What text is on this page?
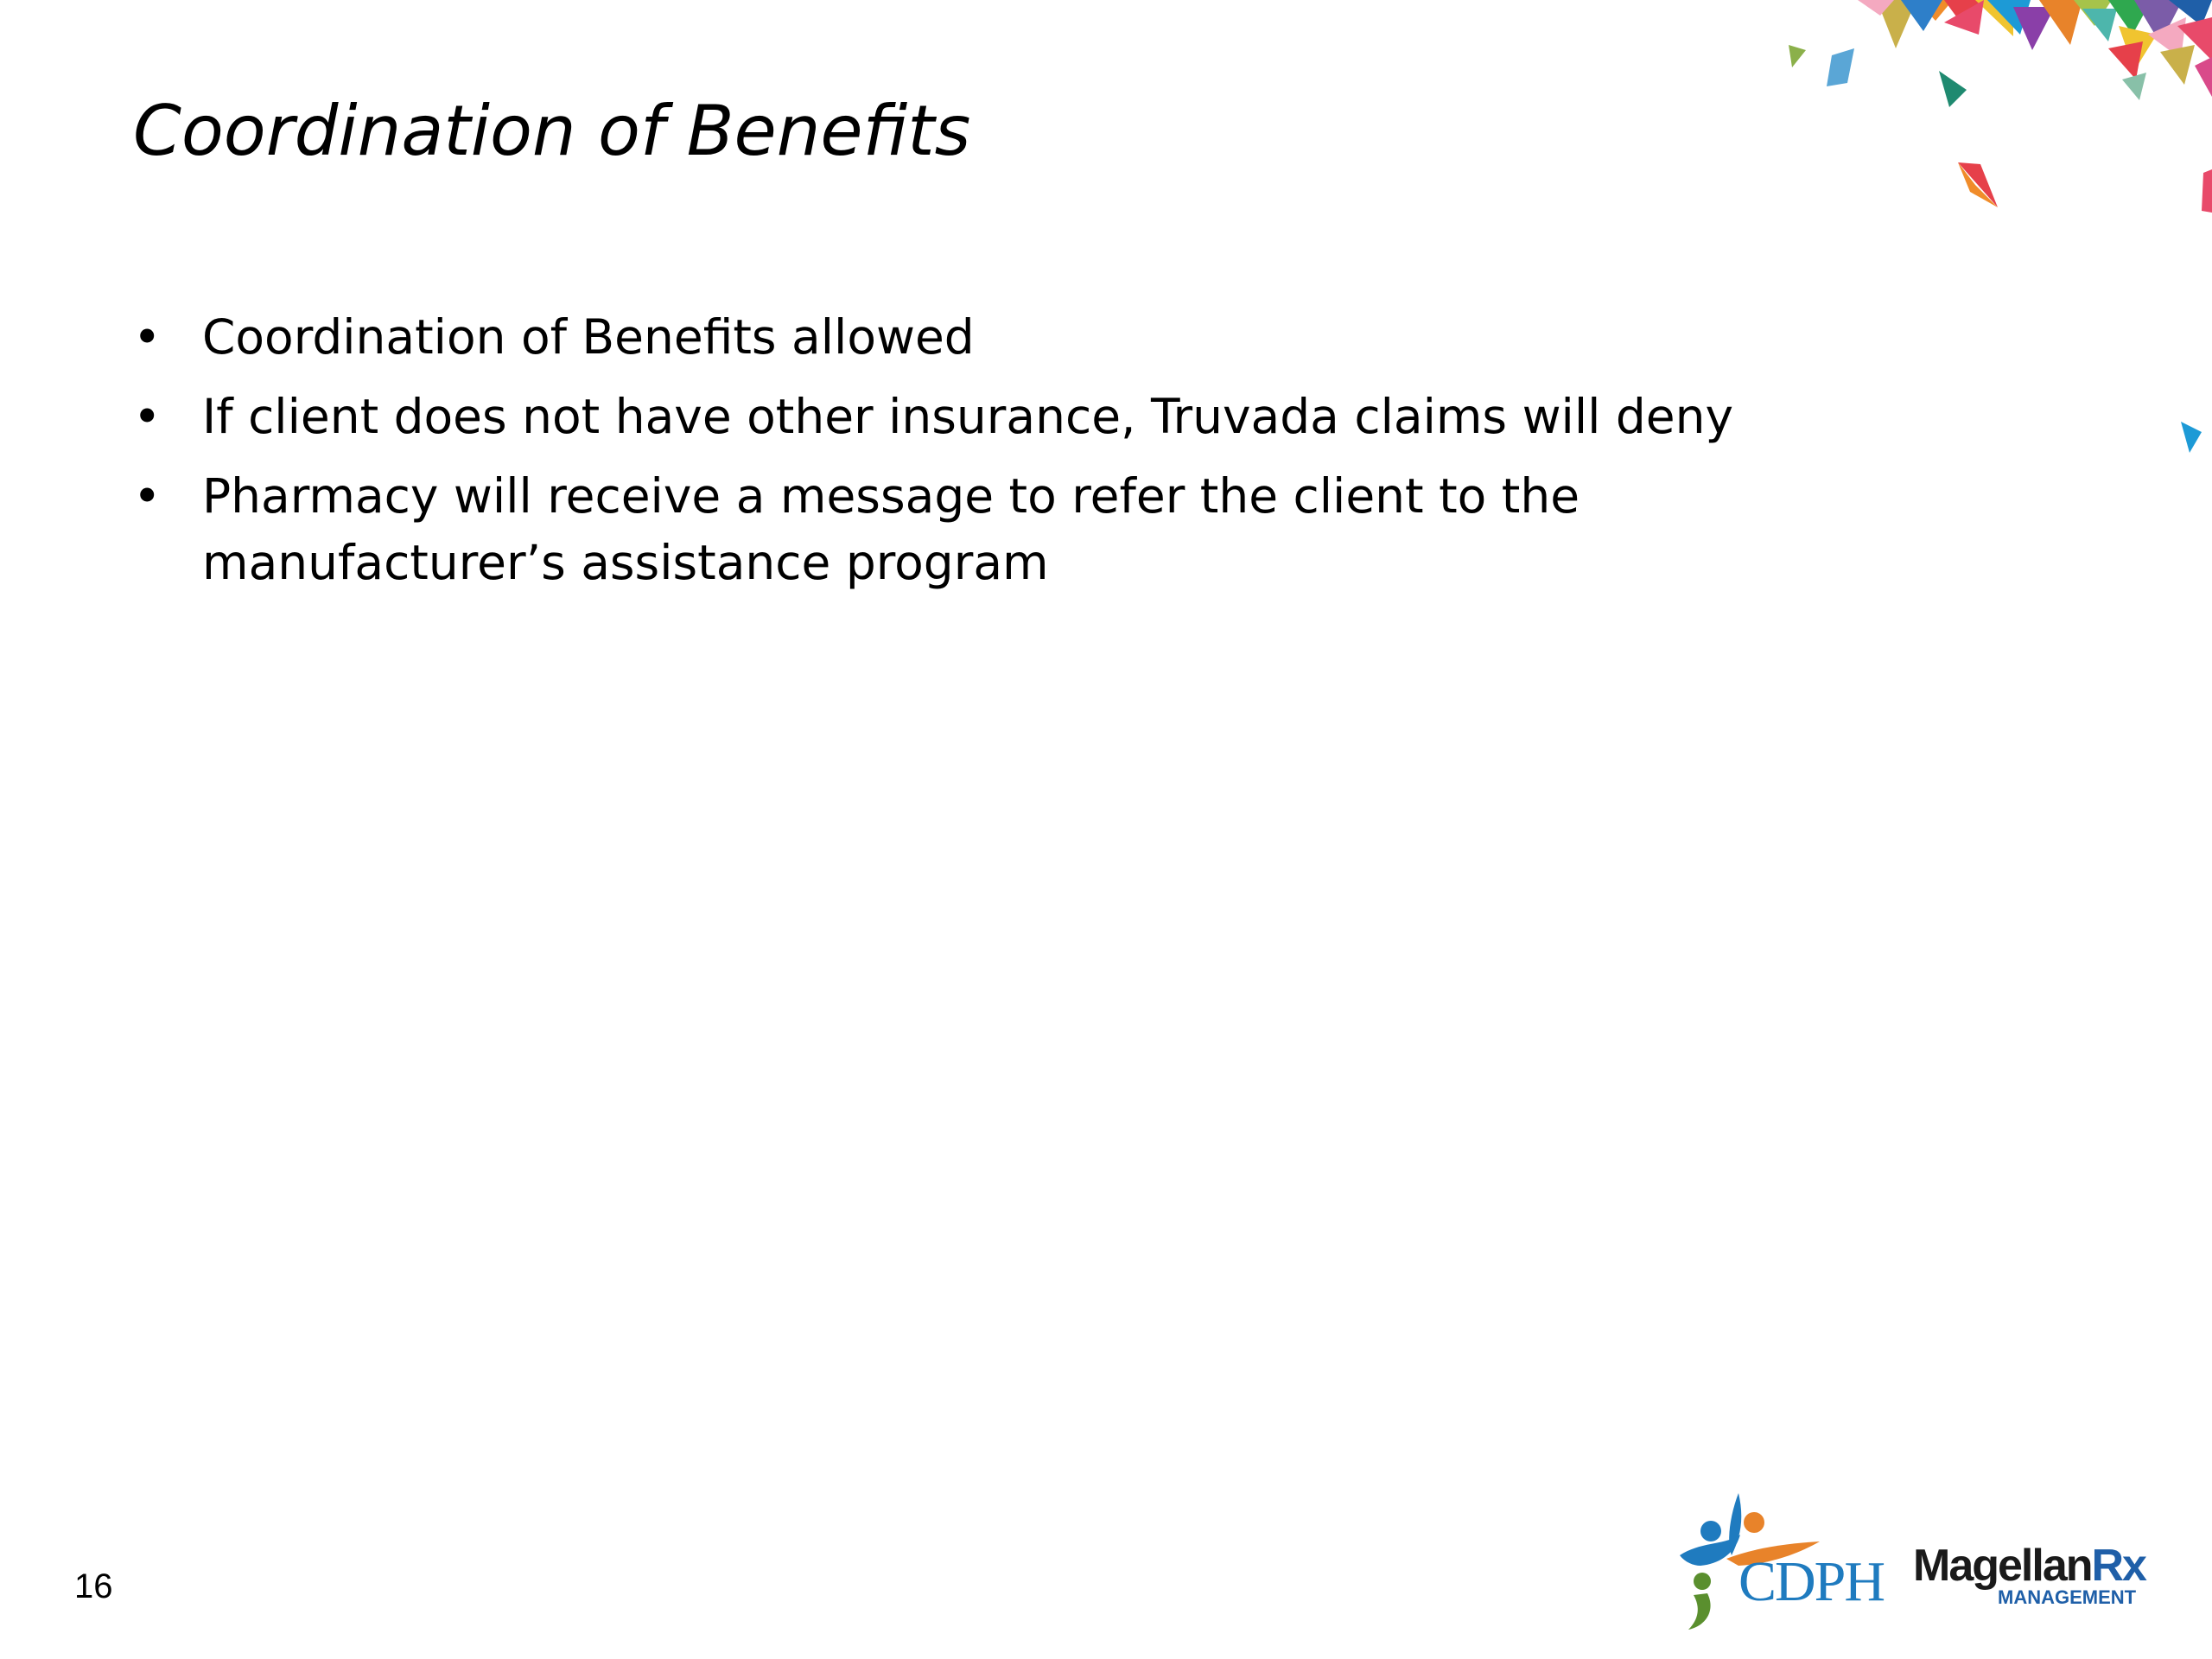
Coordination of Benefits
• Coordination of Benefits allowed
• If client does not have other insurance, Truvada claims will deny
• Pharmacy will receive a message to refer the client to the manufacturer’s assistance program
16	CDPH MagellanRx
MANAGEMENT
